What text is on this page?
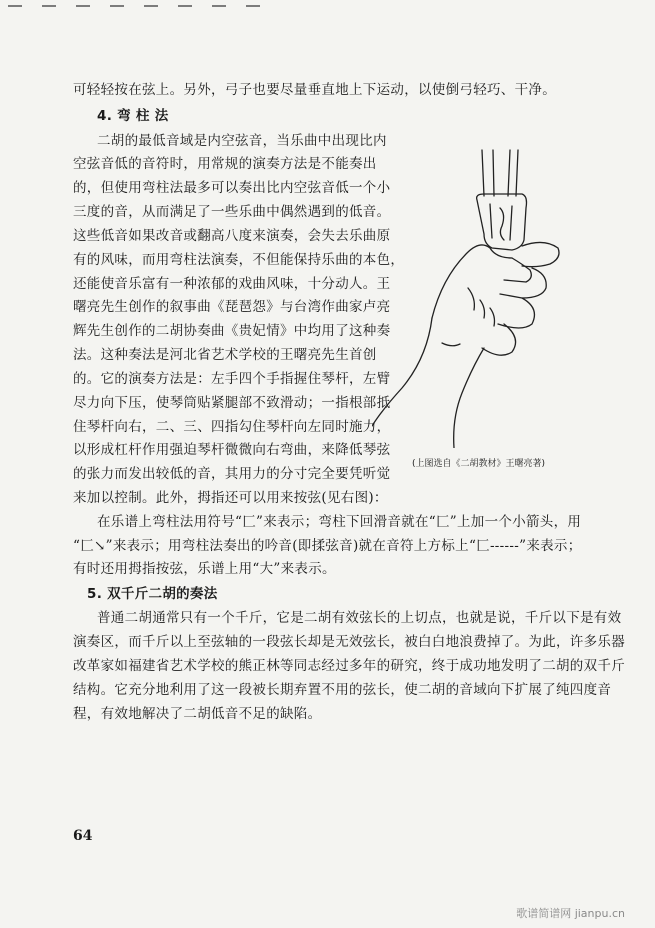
可轻轻按在弦上。另外，弓子也要尽量垂直地上下运动，以使倒弓轻巧、干净。
4. 弯 柱 法
二胡的最低音域是内空弦音，当乐曲中出现比内
空弦音低的音符时，用常规的演奏方法是不能奏出
的，但使用弯柱法最多可以奏出比内空弦音低一个小
三度的音，从而满足了一些乐曲中偶然遇到的低音。
这些低音如果改音或翻高八度来演奏，会失去乐曲原
有的风味，而用弯柱法演奏，不但能保持乐曲的本色，
还能使音乐富有一种浓郁的戏曲风味，十分动人。王
曙亮先生创作的叙事曲《琵琶怨》与台湾作曲家卢亮
辉先生创作的二胡协奏曲《贵妃情》中均用了这种奏
法。这种奏法是河北省艺术学校的王曙亮先生首创
的。它的演奏方法是：左手四个手指握住琴杆，左臂
尽力向下压，使琴筒贴紧腿部不致滑动；一指根部抵
住琴杆向右，二、三、四指勾住琴杆向左同时施力，
以形成杠杆作用强迫琴杆微微向右弯曲，来降低琴弦
的张力而发出较低的音，其用力的分寸完全要凭听觉
来加以控制。此外，拇指还可以用来按弦(见右图)：
(上图选自《二胡教材》王曙亮著)
在乐谱上弯柱法用符号“匚”来表示；弯柱下回滑音就在“匚”上加一个小箭头，用
“匚↘”来表示；用弯柱法奏出的吟音(即揉弦音)就在音符上方标上“匚------”来表示；
有时还用拇指按弦，乐谱上用“大”来表示。
5. 双千斤二胡的奏法
普通二胡通常只有一个千斤，它是二胡有效弦长的上切点，也就是说，千斤以下是有效
演奏区，而千斤以上至弦轴的一段弦长却是无效弦长，被白白地浪费掉了。为此，许多乐器
改革家如福建省艺术学校的熊正林等同志经过多年的研究，终于成功地发明了二胡的双千斤
结构。它充分地利用了这一段被长期弃置不用的弦长，使二胡的音域向下扩展了纯四度音
程，有效地解决了二胡低音不足的缺陷。
64
歌谱简谱网 jianpu.cn
